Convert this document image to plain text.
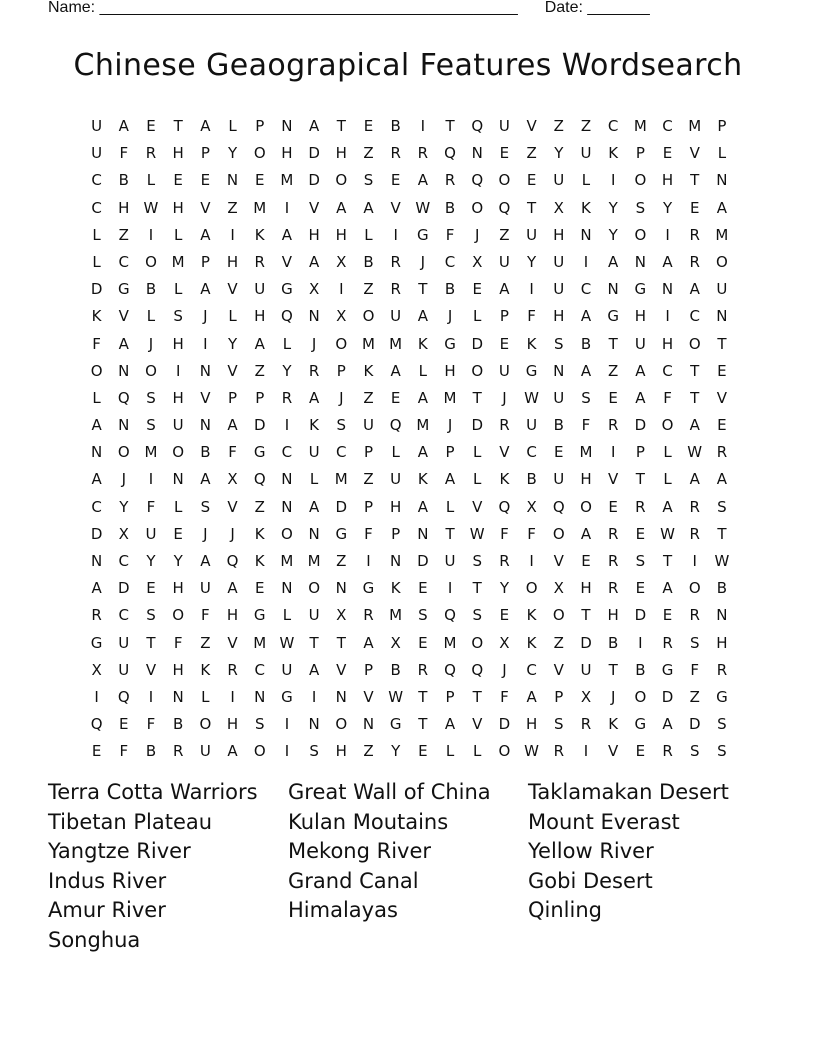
Name: _______________________________________________ Date: _______
Chinese Geaograpical Features Wordsearch
U	A	E	T	A	L	P	N	A	T	E	B	I	T	Q	U	V	Z	Z	C	M	C	M	P
U	F	R	H	P	Y	O	H	D	H	Z	R	R	Q	N	E	Z	Y	U	K	P	E	V	L
C	B	L	E	E	N	E	M D	O	S	E	A	R	Q	O	E	U	L	I	O	H	T	N
C	H W H	V	Z	M	I	V	A	A	V W B	O	Q	T	X	K	Y	S	Y	E	A
L	Z	I	L	A	I	K	A	H	H	L	I	G	F	J	Z	U	H	N	Y	O	I	R	M
L	C	O M	P	H	R	V	A	X	B	R	J	C	X	U	Y	U	I	A	N	A	R	O
D	G	B	L	A	V	U	G	X	I	Z	R	T	B	E	A	I	U	C	N	G	N	A	U
K	V	L	S	J	L	H	Q	N	X	O	U	A	J	L	P	F	H	A	G	H	I	C	N
F	A	J	H	I	Y	A	L	J	O M M	K	G	D	E	K	S	B	T	U	H	O	T
O	N	O	I	N	V	Z	Y	R	P	K	A	L	H	O	U	G	N	A	Z	A	C	T	E
L	Q	S	H	V	P	P	R	A	J	Z	E	A	M	T	J	W U	S	E	A	F	T	V
A	N	S	U	N	A	D	I	K	S	U	Q M	J	D	R	U	B	F	R	D	O	A	E
N	O M O	B	F	G	C	U	C	P	L	A	P	L	V	C	E	M	I	P	L	W R
A	J	I	N	A	X	Q	N	L	M	Z	U	K	A	L	K	B	U	H	V	T	L	A	A
C	Y	F	L	S	V	Z	N	A	D	P	H	A	L	V	Q	X	Q	O	E	R	A	R	S
D	X	U	E	J	J	K	O	N	G	F	P	N	T	W	F	F	O	A	R	E	W R	T
N	C	Y	Y	A	Q	K	M M	Z	I	N	D	U	S	R	I	V	E	R	S	T	I	W
A	D	E	H	U	A	E	N	O	N	G	K	E	I	T	Y	O	X	H	R	E	A	O	B
R	C	S	O	F	H	G	L	U	X	R	M	S	Q	S	E	K	O	T	H	D	E	R	N
G	U	T	F	Z	V	M W	T	T	A	X	E	M O	X	K	Z	D	B	I	R	S	H
X	U	V	H	K	R	C	U	A	V	P	B	R	Q	Q	J	C	V	U	T	B	G	F	R
I	Q	I	N	L	I	N	G	I	N	V W	T	P	T	F	A	P	X	J	O	D	Z	G
Q	E	F	B	O	H	S	I	N	O	N	G	T	A	V	D	H	S	R	K	G	A	D	S
E	F	B	R	U	A	O	I	S	H	Z	Y	E	L	L	O W R	I	V	E	R	S	S
Terra Cotta Warriors	Great Wall of China	Taklamakan Desert
Tibetan Plateau	Kulan Moutains	Mount Everast
Yangtze River	Mekong River	Yellow River
Indus River	Grand Canal	Gobi Desert
Amur River	Himalayas	Qinling
Songhua
